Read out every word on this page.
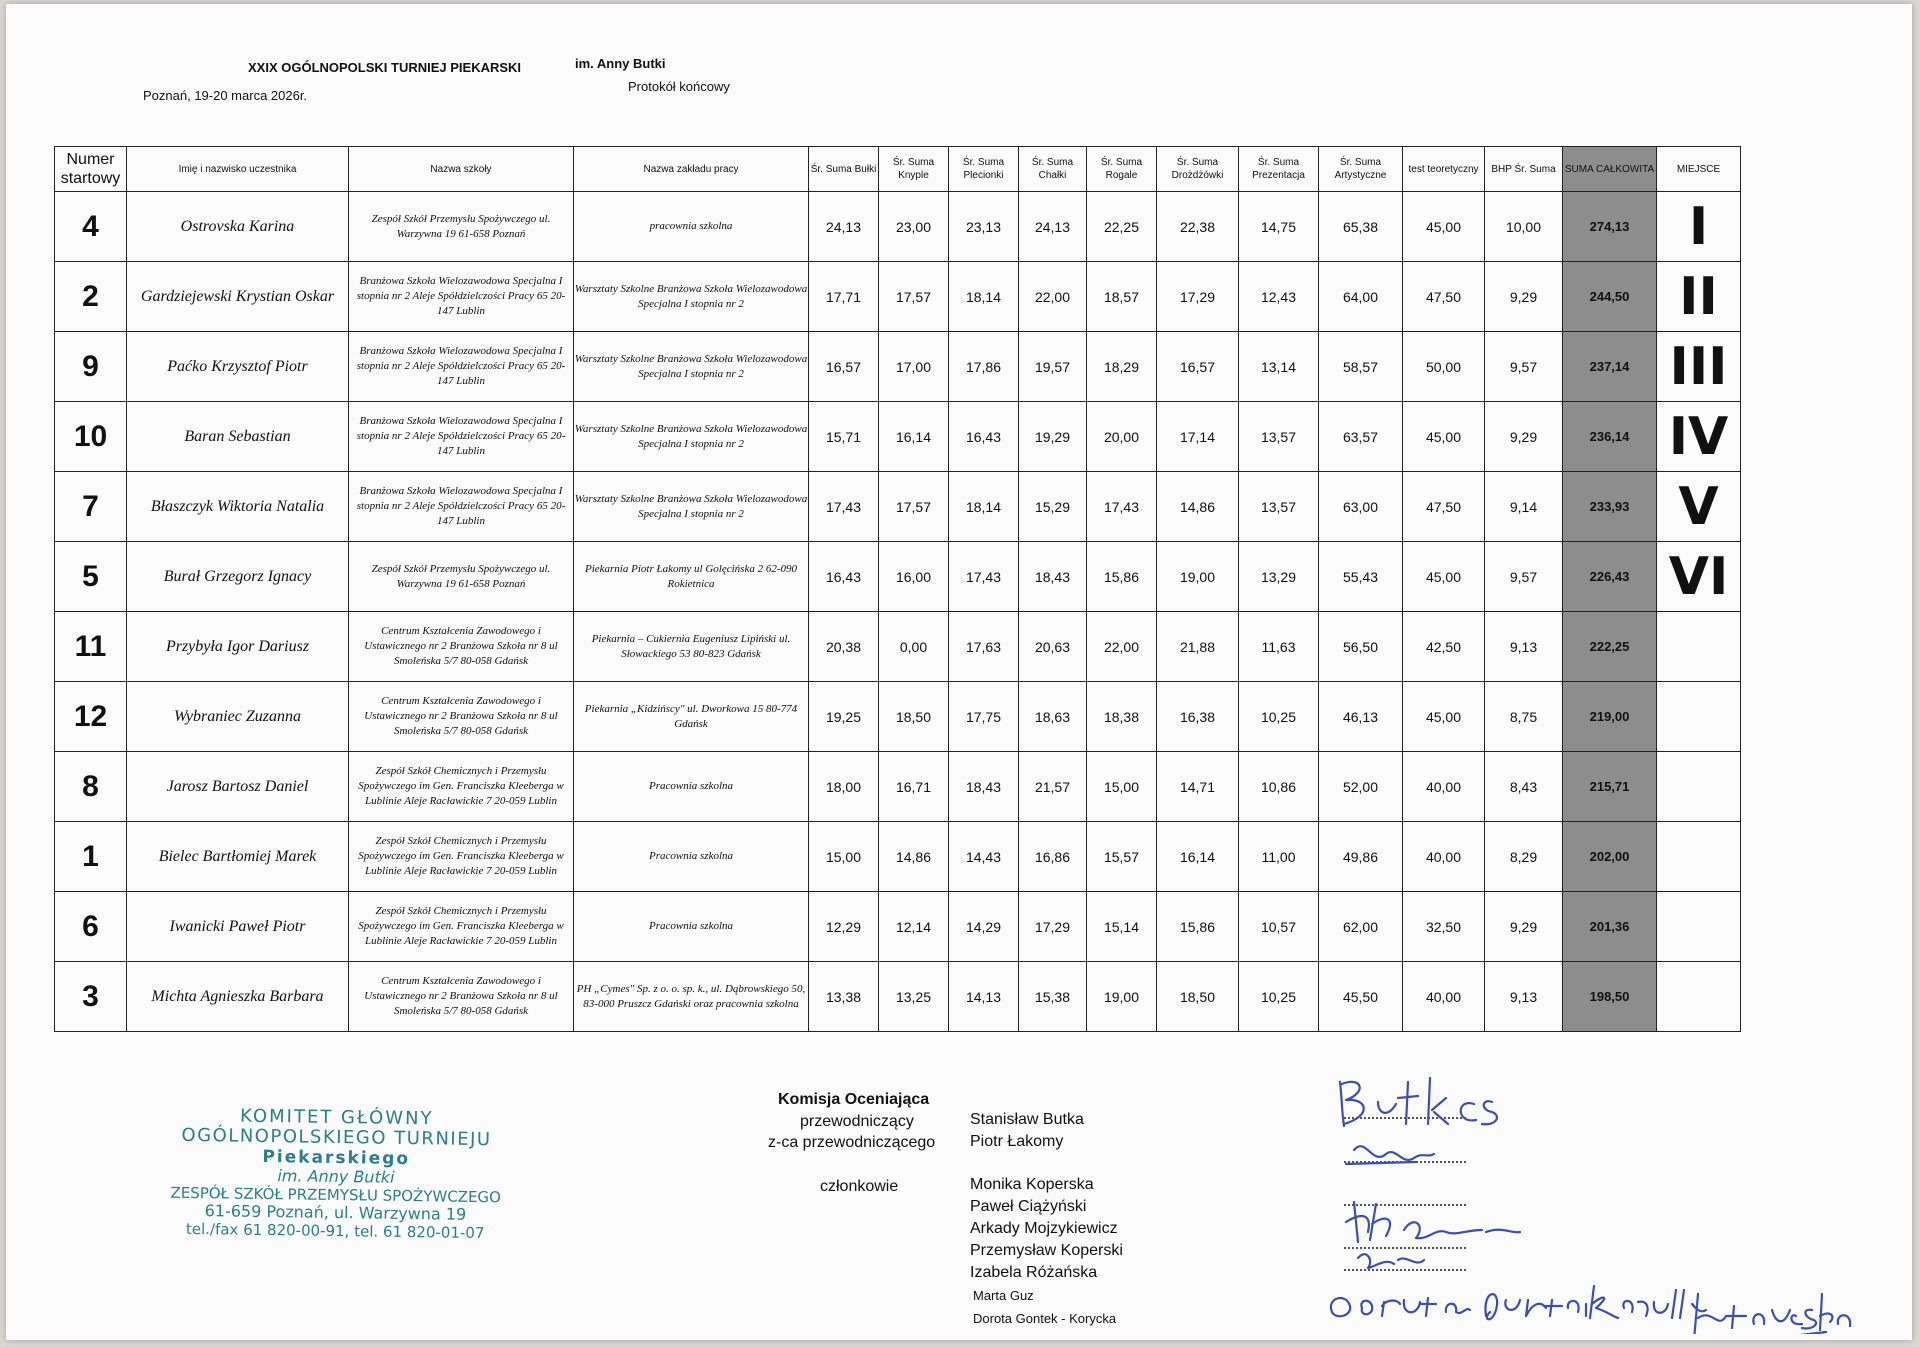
XXIX OGÓLNOPOLSKI TURNIEJ PIEKARSKI	im. Anny Butki
Poznań, 19-20 marca 2026r.
Protokół końcowy
Numer startowy	Imię i nazwisko uczestnika	Nazwa szkoły	Nazwa zakładu pracy	Śr. Suma Bułki	Śr. Suma Knyple	Śr. Suma Plecionki	Śr. Suma Chałki	Śr. Suma Rogale	Śr. Suma Drożdżówki	Śr. Suma Prezentacja	Śr. Suma Artystyczne	test teoretyczny	BHP Śr. Suma	SUMA CAŁKOWITA	MIEJSCE
4	Ostrovska Karina	Zespół Szkół Przemysłu Spożywczego ul. Warzywna 19 61-658 Poznań	pracownia szkolna	24,13	23,00	23,13	24,13	22,25	22,38	14,75	65,38	45,00	10,00	274,13	I
2	Gardziejewski Krystian Oskar	Branżowa Szkoła Wielozawodowa Specjalna I stopnia nr 2 Aleje Spółdzielczości Pracy 65 20-147 Lublin	Warsztaty Szkolne Branżowa Szkoła Wielozawodowa Specjalna I stopnia nr 2	17,71	17,57	18,14	22,00	18,57	17,29	12,43	64,00	47,50	9,29	244,50	II
9	Paćko Krzysztof Piotr	Branżowa Szkoła Wielozawodowa Specjalna I stopnia nr 2 Aleje Spółdzielczości Pracy 65 20-147 Lublin	Warsztaty Szkolne Branżowa Szkoła Wielozawodowa Specjalna I stopnia nr 2	16,57	17,00	17,86	19,57	18,29	16,57	13,14	58,57	50,00	9,57	237,14	III
10	Baran Sebastian	Branżowa Szkoła Wielozawodowa Specjalna I stopnia nr 2 Aleje Spółdzielczości Pracy 65 20-147 Lublin	Warsztaty Szkolne Branżowa Szkoła Wielozawodowa Specjalna I stopnia nr 2	15,71	16,14	16,43	19,29	20,00	17,14	13,57	63,57	45,00	9,29	236,14	IV
7	Błaszczyk Wiktoria Natalia	Branżowa Szkoła Wielozawodowa Specjalna I stopnia nr 2 Aleje Spółdzielczości Pracy 65 20-147 Lublin	Warsztaty Szkolne Branżowa Szkoła Wielozawodowa Specjalna I stopnia nr 2	17,43	17,57	18,14	15,29	17,43	14,86	13,57	63,00	47,50	9,14	233,93	V
5	Burał Grzegorz Ignacy	Zespół Szkół Przemysłu Spożywczego ul. Warzywna 19 61-658 Poznań	Piekarnia Piotr Łakomy ul Golęcińska 2 62-090 Rokietnica	16,43	16,00	17,43	18,43	15,86	19,00	13,29	55,43	45,00	9,57	226,43	VI
11	Przybyła Igor Dariusz	Centrum Kształcenia Zawodowego i Ustawicznego nr 2 Branżowa Szkoła nr 8 ul Smoleńska 5/7 80-058 Gdańsk	Piekarnia – Cukiernia Eugeniusz Lipiński ul. Słowackiego 53 80-823 Gdańsk	20,38	0,00	17,63	20,63	22,00	21,88	11,63	56,50	42,50	9,13	222,25	
12	Wybraniec Zuzanna	Centrum Kształcenia Zawodowego i Ustawicznego nr 2 Branżowa Szkoła nr 8 ul Smoleńska 5/7 80-058 Gdańsk	Piekarnia „Kidzińscy" ul. Dworkowa 15 80-774 Gdańsk	19,25	18,50	17,75	18,63	18,38	16,38	10,25	46,13	45,00	8,75	219,00	
8	Jarosz Bartosz Daniel	Zespół Szkół Chemicznych i Przemysłu Spożywczego im Gen. Franciszka Kleeberga w Lublinie Aleje Racławickie 7 20-059 Lublin	Pracownia szkolna	18,00	16,71	18,43	21,57	15,00	14,71	10,86	52,00	40,00	8,43	215,71	
1	Bielec Bartłomiej Marek	Zespół Szkół Chemicznych i Przemysłu Spożywczego im Gen. Franciszka Kleeberga w Lublinie Aleje Racławickie 7 20-059 Lublin	Pracownia szkolna	15,00	14,86	14,43	16,86	15,57	16,14	11,00	49,86	40,00	8,29	202,00	
6	Iwanicki Paweł Piotr	Zespół Szkół Chemicznych i Przemysłu Spożywczego im Gen. Franciszka Kleeberga w Lublinie Aleje Racławickie 7 20-059 Lublin	Pracownia szkolna	12,29	12,14	14,29	17,29	15,14	15,86	10,57	62,00	32,50	9,29	201,36	
3	Michta Agnieszka Barbara	Centrum Kształcenia Zawodowego i Ustawicznego nr 2 Branżowa Szkoła nr 8 ul Smoleńska 5/7 80-058 Gdańsk	PH „Cymes" Sp. z o. o. sp. k., ul. Dąbrowskiego 50, 83-000 Pruszcz Gdański oraz pracownia szkolna	13,38	13,25	14,13	15,38	19,00	18,50	10,25	45,50	40,00	9,13	198,50	
KOMITET GŁÓWNY
OGÓLNOPOLSKIEGO TURNIEJU
Piekarskiego
im. Anny Butki
ZESPÓŁ SZKÓŁ PRZEMYSŁU SPOŻYWCZEGO
61-659 Poznań, ul. Warzywna 19
tel./fax 61 820-00-91, tel. 61 820-01-07
Komisja Oceniająca
przewodniczący	Stanisław Butka
z-ca przewodniczącego Piotr Łakomy
członkowie	Monika Koperska
Paweł Ciążyński
Arkady Mojzykiewicz
Przemysław Koperski
Izabela Różańska
Marta Guz
Dorota Gontek - Korycka
